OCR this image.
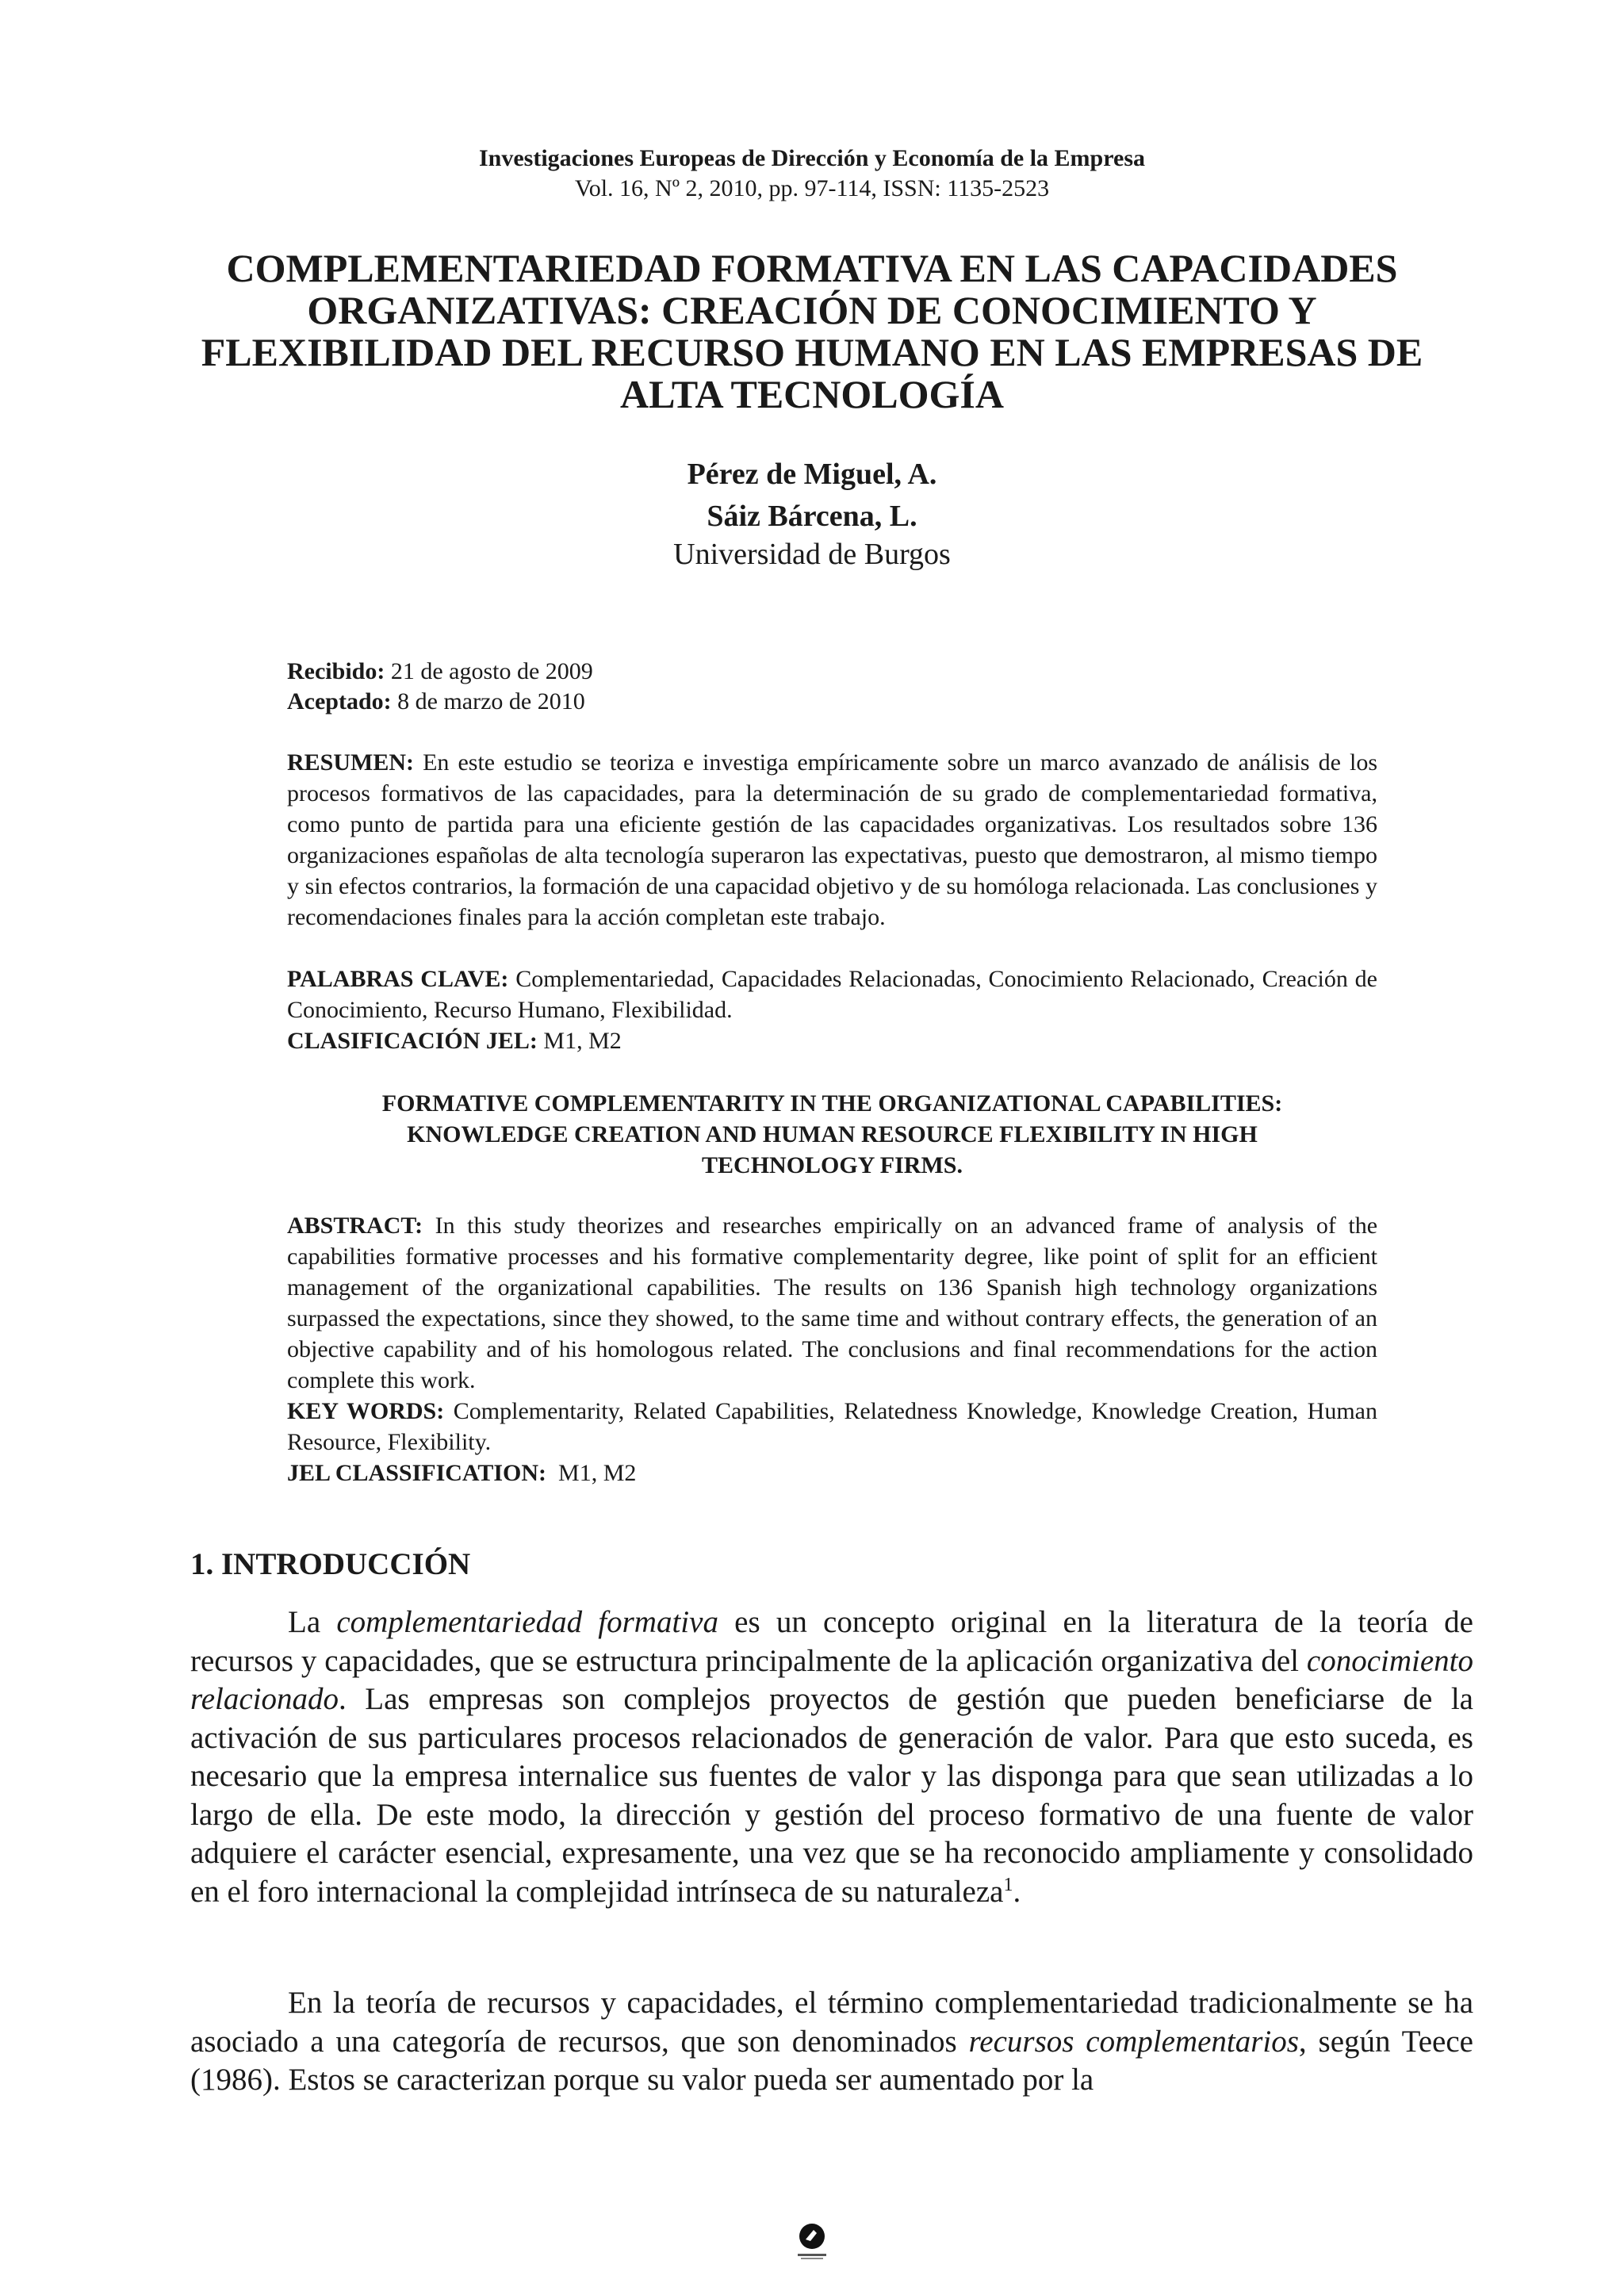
Investigaciones Europeas de Dirección y Economía de la Empresa
Vol. 16, Nº 2, 2010, pp. 97-114, ISSN: 1135-2523
COMPLEMENTARIEDAD FORMATIVA EN LAS CAPACIDADES
ORGANIZATIVAS: CREACIÓN DE CONOCIMIENTO Y
FLEXIBILIDAD DEL RECURSO HUMANO EN LAS EMPRESAS DE
ALTA TECNOLOGÍA
Pérez de Miguel, A.
Sáiz Bárcena, L.
Universidad de Burgos
Recibido: 21 de agosto de 2009
Aceptado: 8 de marzo de 2010

RESUMEN: En este estudio se teoriza e investiga empíricamente sobre un marco avanzado de análisis de los procesos formativos de las capacidades, para la determinación de su grado de complementariedad formativa, como punto de partida para una eficiente gestión de las capacidades organizativas. Los resultados sobre 136 organizaciones españolas de alta tecnología superaron las expectativas, puesto que demostraron, al mismo tiempo y sin efectos contrarios, la formación de una capacidad objetivo y de su homóloga relacionada. Las conclusiones y recomendaciones finales para la acción completan este trabajo.

PALABRAS CLAVE: Complementariedad, Capacidades Relacionadas, Conocimiento Relacionado, Creación de Conocimiento, Recurso Humano, Flexibilidad.

CLASIFICACIÓN JEL: M1, M2

FORMATIVE COMPLEMENTARITY IN THE ORGANIZATIONAL CAPABILITIES:
KNOWLEDGE CREATION AND HUMAN RESOURCE FLEXIBILITY IN HIGH
TECHNOLOGY FIRMS.

ABSTRACT: In this study theorizes and researches empirically on an advanced frame of analysis of the capabilities formative processes and his formative complementarity degree, like point of split for an efficient management of the organizational capabilities. The results on 136 Spanish high technology organizations surpassed the expectations, since they showed, to the same time and without contrary effects, the generation of an objective capability and of his homologous related. The conclusions and final recommendations for the action complete this work.

KEY WORDS: Complementarity, Related Capabilities, Relatedness Knowledge, Knowledge Creation, Human Resource, Flexibility.

JEL CLASSIFICATION: M1, M2

1. INTRODUCCIÓN

La complementariedad formativa es un concepto original en la literatura de la teoría de recursos y capacidades, que se estructura principalmente de la aplicación organizativa del conocimiento relacionado. Las empresas son complejos proyectos de gestión que pueden beneficiarse de la activación de sus particulares procesos relacionados de generación de valor. Para que esto suceda, es necesario que la empresa internalice sus fuentes de valor y las disponga para que sean utilizadas a lo largo de ella. De este modo, la dirección y gestión del proceso formativo de una fuente de valor adquiere el carácter esencial, expresamente, una vez que se ha reconocido ampliamente y consolidado en el foro internacional la complejidad intrínseca de su naturaleza$^1$.

En la teoría de recursos y capacidades, el término complementariedad tradicionalmente se ha asociado a una categoría de recursos, que son denominados recursos complementarios, según Teece (1986). Estos se caracterizan porque su valor pueda ser aumentado por la
